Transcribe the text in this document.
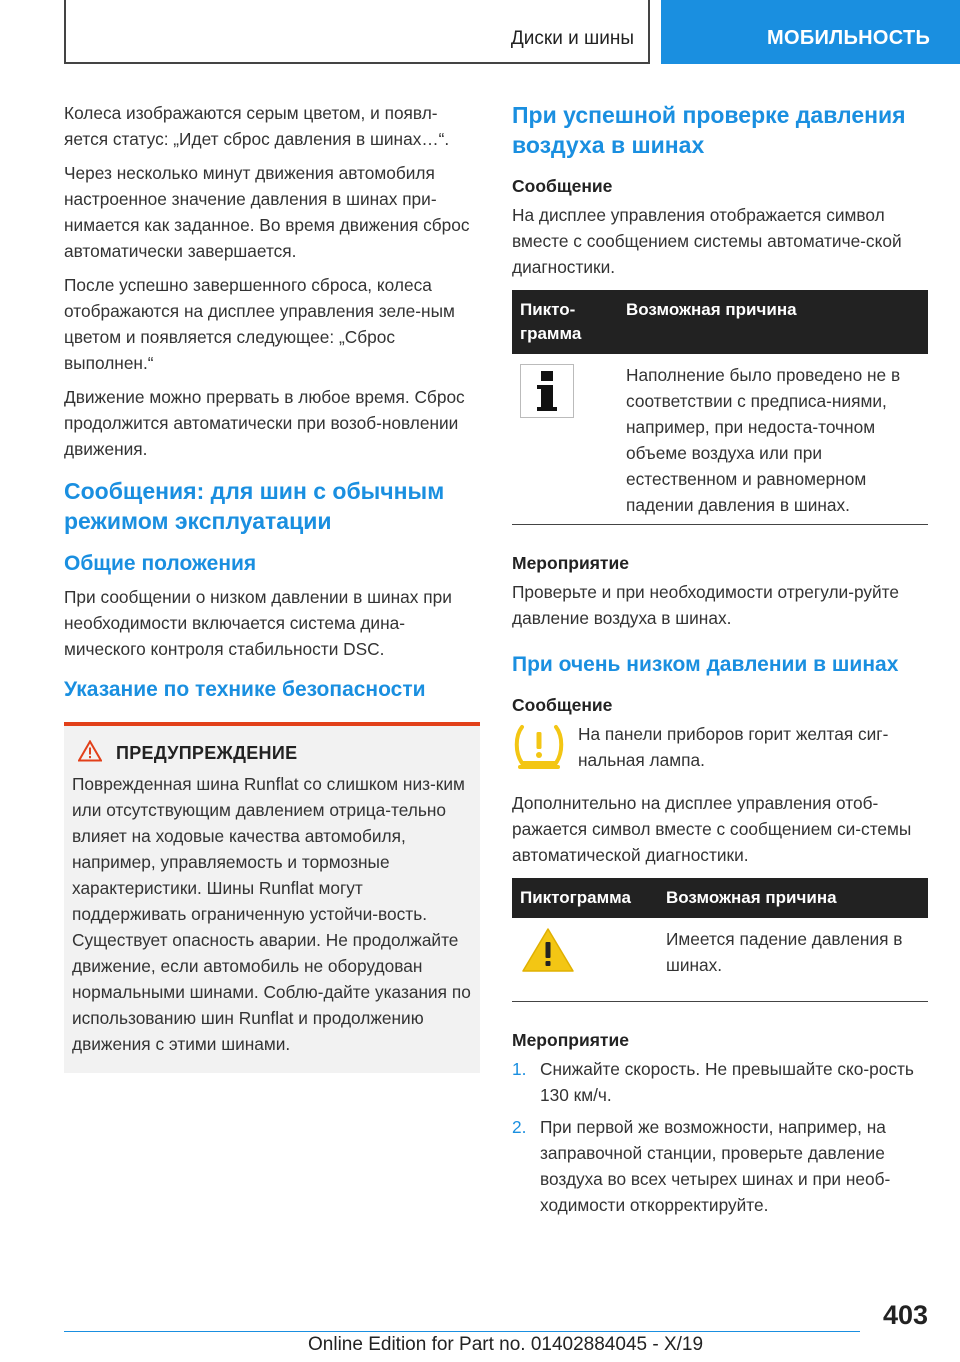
Диски и шины	МОБИЛЬНОСТЬ

Колеса изображаются серым цветом, и появл-яется статус: „Идет сброс давления в шинах…“.

Через несколько минут движения автомобиля настроенное значение давления в шинах при-нимается как заданное. Во время движения сброс автоматически завершается.

После успешно завершенного сброса, колеса отображаются на дисплее управления зеле-ным цветом и появляется следующее: „Сброс выполнен.“

Движение можно прервать в любое время. Сброс продолжится автоматически при возоб-новлении движения.

Сообщения: для шин с обычным режимом эксплуатации
Общие положения

При сообщении о низком давлении в шинах при необходимости включается система дина-мического контроля стабильности DSC.

Указание по технике безопасности
ПРЕДУПРЕЖДЕНИЕ

Поврежденная шина Runflat со слишком низ-ким или отсутствующим давлением отрица-тельно влияет на ходовые качества автомобиля, например, управляемость и тормозные характеристики. Шины Runflat могут поддерживать ограниченную устойчи-вость. Существует опасность аварии. Не продолжайте движение, если автомобиль не оборудован нормальными шинами. Соблю-дайте указания по использованию шин Runflat и продолжению движения с этими шинами.

При успешной проверке давления воздуха в шинах
Сообщение

На дисплее управления отображается символ вместе с сообщением системы автоматиче-ской диагностики.

Пикто-грамма	Возможная причина
	Наполнение было проведено не в соответствии с предписа-ниями, например, при недоста-точном объеме воздуха или при естественном и равномерном падении давления в шинах.
Мероприятие

Проверьте и при необходимости отрегули-руйте давление воздуха в шинах.

При очень низком давлении в шинах
Сообщение

На панели приборов горит желтая сиг-нальная лампа.

Дополнительно на дисплее управления отоб-ражается символ вместе с сообщением си-стемы автоматической диагностики.

Пиктограмма	Возможная причина
	Имеется падение давления в шинах.
Мероприятие
1. Снижайте скорость. Не превышайте ско-рость 130 км/ч.
2. При первой же возможности, например, на заправочной станции, проверьте давление воздуха во всех четырех шинах и при необ-ходимости откорректируйте.
403
Online Edition for Part no. 01402884045 - X/19
